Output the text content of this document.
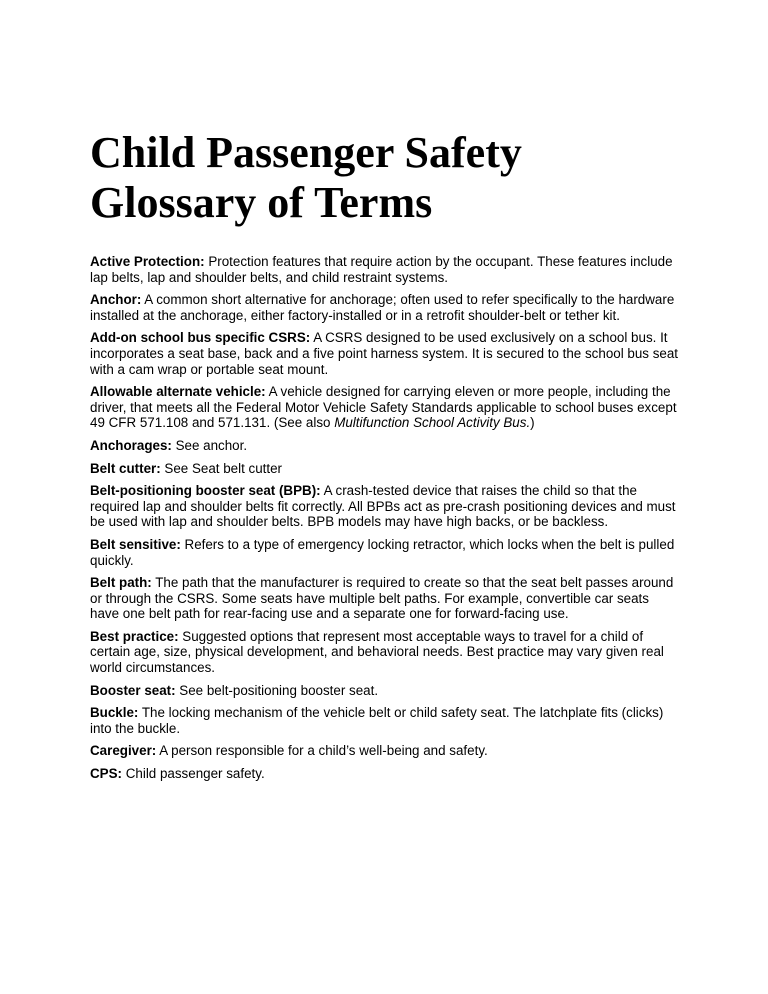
Child Passenger Safety
Glossary of Terms

Active Protection: Protection features that require action by the occupant. These features include lap belts, lap and shoulder belts, and child restraint systems.

Anchor: A common short alternative for anchorage; often used to refer specifically to the hardware installed at the anchorage, either factory-installed or in a retrofit shoulder-belt or tether kit.

Add-on school bus specific CSRS: A CSRS designed to be used exclusively on a school bus. It incorporates a seat base, back and a five point harness system. It is secured to the school bus seat with a cam wrap or portable seat mount.

Allowable alternate vehicle: A vehicle designed for carrying eleven or more people, including the driver, that meets all the Federal Motor Vehicle Safety Standards applicable to school buses except 49 CFR 571.108 and 571.131. (See also Multifunction School Activity Bus.)

Anchorages: See anchor.

Belt cutter: See Seat belt cutter

Belt-positioning booster seat (BPB): A crash-tested device that raises the child so that the required lap and shoulder belts fit correctly. All BPBs act as pre-crash positioning devices and must be used with lap and shoulder belts. BPB models may have high backs, or be backless.

Belt sensitive: Refers to a type of emergency locking retractor, which locks when the belt is pulled quickly.

Belt path: The path that the manufacturer is required to create so that the seat belt passes around or through the CSRS. Some seats have multiple belt paths. For example, convertible car seats have one belt path for rear-facing use and a separate one for forward-facing use.

Best practice: Suggested options that represent most acceptable ways to travel for a child of certain age, size, physical development, and behavioral needs. Best practice may vary given real world circumstances.

Booster seat: See belt-positioning booster seat.

Buckle: The locking mechanism of the vehicle belt or child safety seat. The latchplate fits (clicks) into the buckle.

Caregiver: A person responsible for a child’s well-being and safety.

CPS: Child passenger safety.
